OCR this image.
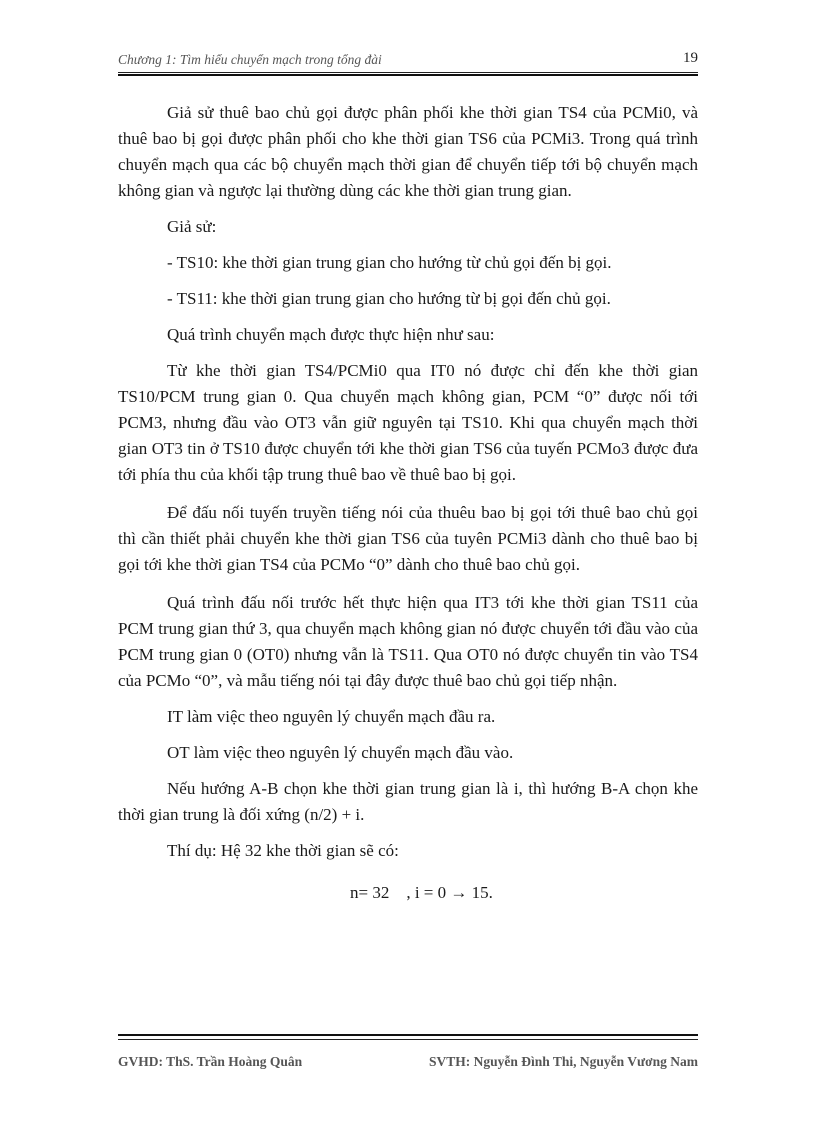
Chương 1: Tìm hiểu chuyển mạch trong tổng đài	19

Giả sử thuê bao chủ gọi được phân phối khe thời gian TS4 của PCMi0, và thuê bao bị gọi được phân phối cho khe thời gian TS6 của PCMi3. Trong quá trình chuyển mạch qua các bộ chuyển mạch thời gian để chuyển tiếp tới bộ chuyển mạch không gian và ngược lại thường dùng các khe thời gian trung gian.

Giả sử:

- TS10: khe thời gian trung gian cho hướng từ chủ gọi đến bị gọi.

- TS11: khe thời gian trung gian cho hướng từ bị gọi đến chủ gọi.

Quá trình chuyển mạch được thực hiện như sau:

Từ khe thời gian TS4/PCMi0 qua IT0 nó được chỉ đến khe thời gian TS10/PCM trung gian 0. Qua chuyển mạch không gian, PCM “0” được nối tới PCM3, nhưng đầu vào OT3 vẫn giữ nguyên tại TS10. Khi qua chuyển mạch thời gian OT3 tin ở TS10 được chuyển tới khe thời gian TS6 của tuyến PCMo3 được đưa tới phía thu của khối tập trung thuê bao về thuê bao bị gọi.

Để đấu nối tuyến truyền tiếng nói của thuêu bao bị gọi tới thuê bao chủ gọi thì cần thiết phải chuyển khe thời gian TS6 của tuyên PCMi3 dành cho thuê bao bị gọi tới khe thời gian TS4 của PCMo “0” dành cho thuê bao chủ gọi.

Quá trình đấu nối trước hết thực hiện qua IT3 tới khe thời gian TS11 của PCM trung gian thứ 3, qua chuyển mạch không gian nó được chuyển tới đầu vào của PCM trung gian 0 (OT0) nhưng vẫn là TS11. Qua OT0 nó được chuyển tin vào TS4 của PCMo “0”, và mẫu tiếng nói tại đây được thuê bao chủ gọi tiếp nhận.

IT làm việc theo nguyên lý chuyển mạch đầu ra.

OT làm việc theo nguyên lý chuyển mạch đầu vào.

Nếu hướng A-B chọn khe thời gian trung gian là i, thì hướng B-A chọn khe thời gian trung là đối xứng (n/2) + i.

Thí dụ: Hệ 32 khe thời gian sẽ có:

n= 32    , i = 0 → 15.

GVHD: ThS. Trần Hoàng Quân	SVTH: Nguyễn Đình Thi, Nguyễn Vương Nam
